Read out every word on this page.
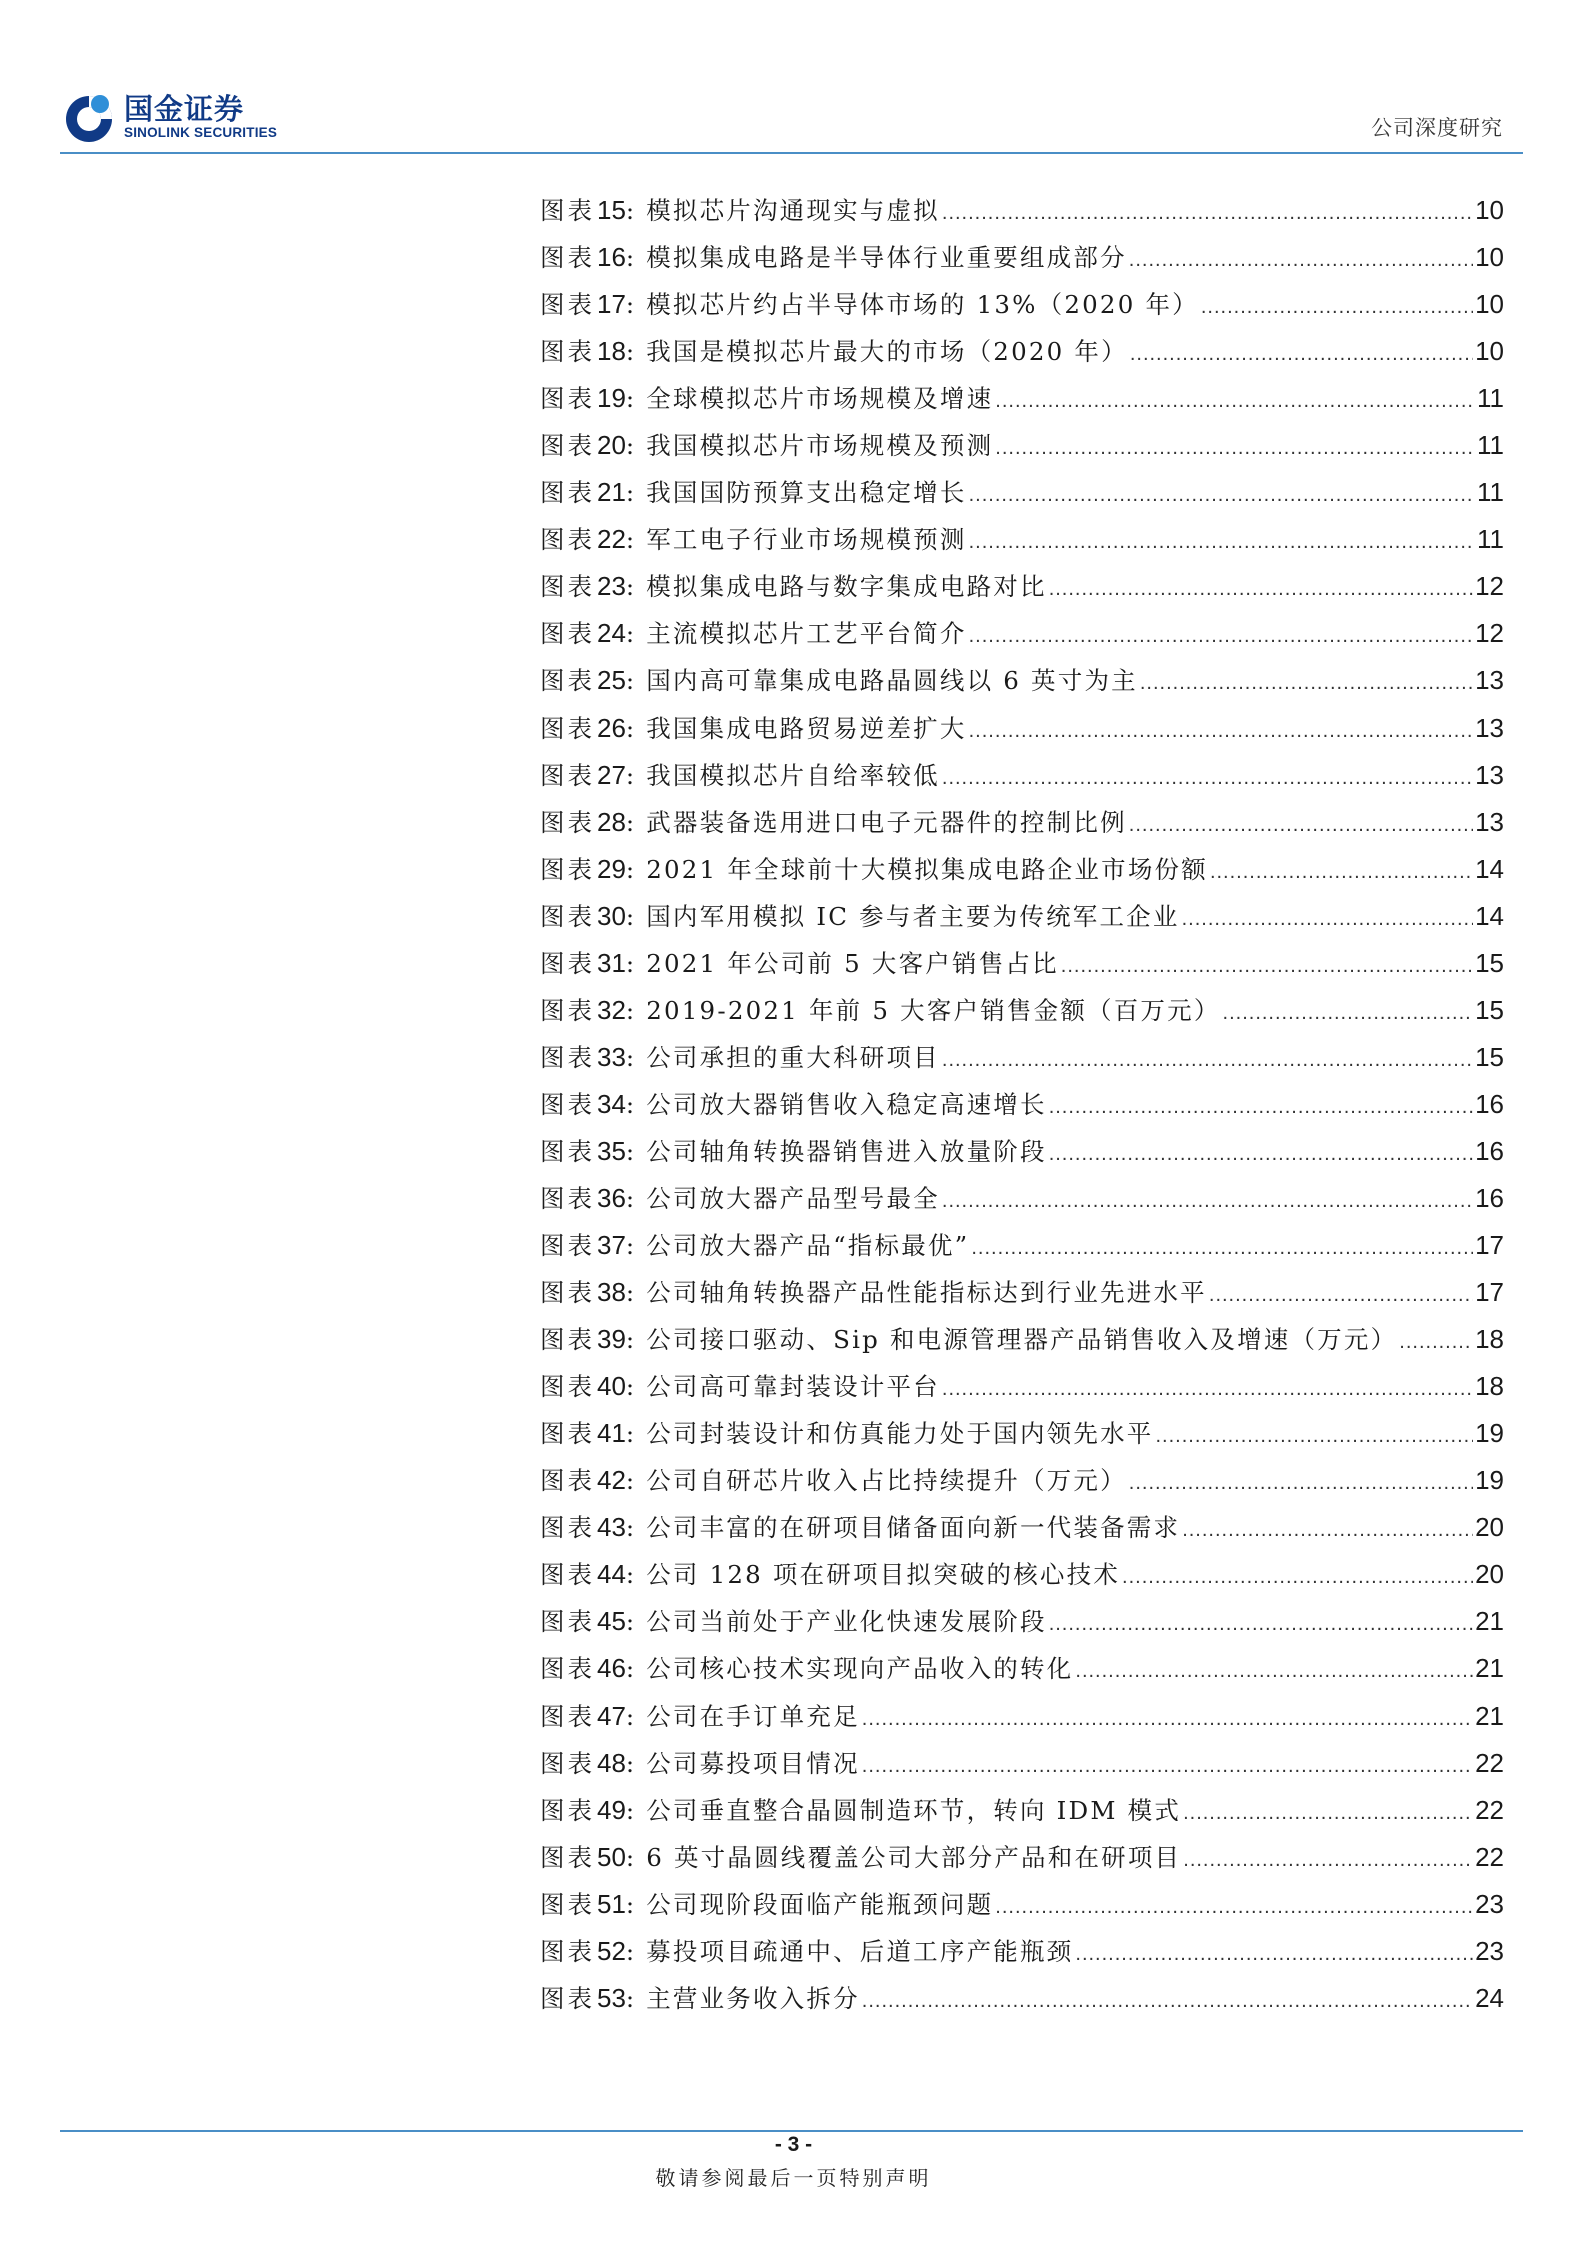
国金证券
SINOLINK SECURITIES	公司深度研究
图表 15 : 模拟芯片沟通现实与虚拟 .....	10
图表 16 : 模拟集成电路是半导体行业重要组成部分 .....	10
图表 17 : 模拟芯片约占半导体市场的 13%（2020 年） .....	10
图表 18 : 我国是模拟芯片最大的市场（2020 年） .....	10
图表 19 : 全球模拟芯片市场规模及增速 .....	11
图表 20 : 我国模拟芯片市场规模及预测 .....	11
图表 21 : 我国国防预算支出稳定增长 .....	11
图表 22 : 军工电子行业市场规模预测 .....	11
图表 23 : 模拟集成电路与数字集成电路对比 .....	12
图表 24 : 主流模拟芯片工艺平台简介 .....	12
图表 25 : 国内高可靠集成电路晶圆线以 6 英寸为主 .....	13
图表 26 : 我国集成电路贸易逆差扩大 .....	13
图表 27 : 我国模拟芯片自给率较低 .....	13
图表 28 : 武器装备选用进口电子元器件的控制比例 .....	13
图表 29 : 2021 年全球前十大模拟集成电路企业市场份额 .....	14
图表 30 : 国内军用模拟 IC 参与者主要为传统军工企业 .....	14
图表 31 : 2021 年公司前 5 大客户销售占比 .....	15
图表 32 : 2019-2021 年前 5 大客户销售金额（百万元） .....	15
图表 33 : 公司承担的重大科研项目 .....	15
图表 34 : 公司放大器销售收入稳定高速增长 .....	16
图表 35 : 公司轴角转换器销售进入放量阶段 .....	16
图表 36 : 公司放大器产品型号最全 .....	16
图表 37 : 公司放大器产品“指标最优” .....	17
图表 38 : 公司轴角转换器产品性能指标达到行业先进水平 .....	17
图表 39 : 公司接口驱动、Sip 和电源管理器产品销售收入及增速（万元） .....	18
图表 40 : 公司高可靠封装设计平台 .....	18
图表 41 : 公司封装设计和仿真能力处于国内领先水平 .....	19
图表 42 : 公司自研芯片收入占比持续提升（万元） .....	19
图表 43 : 公司丰富的在研项目储备面向新一代装备需求 .....	20
图表 44 : 公司 128 项在研项目拟突破的核心技术 .....	20
图表 45 : 公司当前处于产业化快速发展阶段 .....	21
图表 46 : 公司核心技术实现向产品收入的转化 .....	21
图表 47 : 公司在手订单充足 .....	21
图表 48 : 公司募投项目情况 .....	22
图表 49 : 公司垂直整合晶圆制造环节，转向 IDM 模式 .....	22
图表 50 : 6 英寸晶圆线覆盖公司大部分产品和在研项目 .....	22
图表 51 : 公司现阶段面临产能瓶颈问题 .....	23
图表 52 : 募投项目疏通中、后道工序产能瓶颈 .....	23
图表 53 : 主营业务收入拆分 .....	24
- 3 -
敬请参阅最后一页特别声明
